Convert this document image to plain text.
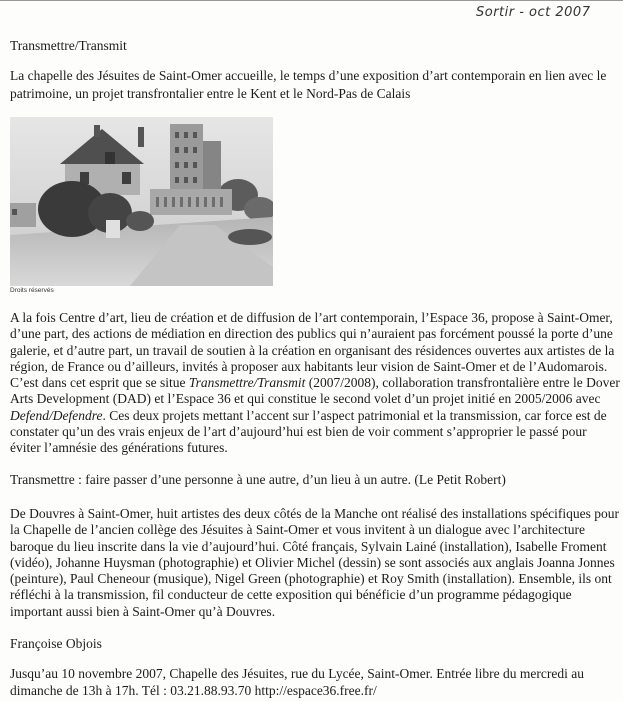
Sortir - oct 2007
Transmettre/Transmit

La chapelle des Jésuites de Saint-Omer accueille, le temps d’une exposition d’art contemporain en lien avec le patrimoine, un projet transfrontalier entre le Kent et le Nord-Pas de Calais

Droits réservés

A la fois Centre d’art, lieu de création et de diffusion de l’art contemporain, l’Espace 36, propose à Saint-Omer, d’une part, des actions de médiation en direction des publics qui n’auraient pas forcément poussé la porte d’une galerie, et d’autre part, un travail de soutien à la création en organisant des résidences ouvertes aux artistes de la région, de France ou d’ailleurs, invités à proposer aux habitants leur vision de Saint-Omer et de l’Audomarois. C’est dans cet esprit que se situe Transmettre/Transmit (2007/2008), collaboration transfrontalière entre le Dover Arts Development (DAD) et l’Espace 36 et qui constitue le second volet d’un projet initié en 2005/2006 avec Defend/Defendre. Ces deux projets mettant l’accent sur l’aspect patrimonial et la transmission, car force est de constater qu’un des vrais enjeux de l’art d’aujourd’hui est bien de voir comment s’approprier le passé pour éviter l’amnésie des générations futures.

Transmettre : faire passer d’une personne à une autre, d’un lieu à un autre. (Le Petit Robert)

De Douvres à Saint-Omer, huit artistes des deux côtés de la Manche ont réalisé des installations spécifiques pour la Chapelle de l’ancien collège des Jésuites à Saint-Omer et vous invitent à un dialogue avec l’architecture baroque du lieu inscrite dans la vie d’aujourd’hui. Côté français, Sylvain Lainé (installation), Isabelle Froment (vidéo), Johanne Huysman (photographie) et Olivier Michel (dessin) se sont associés aux anglais Joanna Jonnes (peinture), Paul Cheneour (musique), Nigel Green (photographie) et Roy Smith (installation). Ensemble, ils ont réfléchi à la transmission, fil conducteur de cette exposition qui bénéficie d’un programme pédagogique important aussi bien à Saint-Omer qu’à Douvres.

Françoise Objois

Jusqu’au 10 novembre 2007, Chapelle des Jésuites, rue du Lycée, Saint-Omer. Entrée libre du mercredi au dimanche de 13h à 17h. Tél : 03.21.88.93.70 http://espace36.free.fr/
